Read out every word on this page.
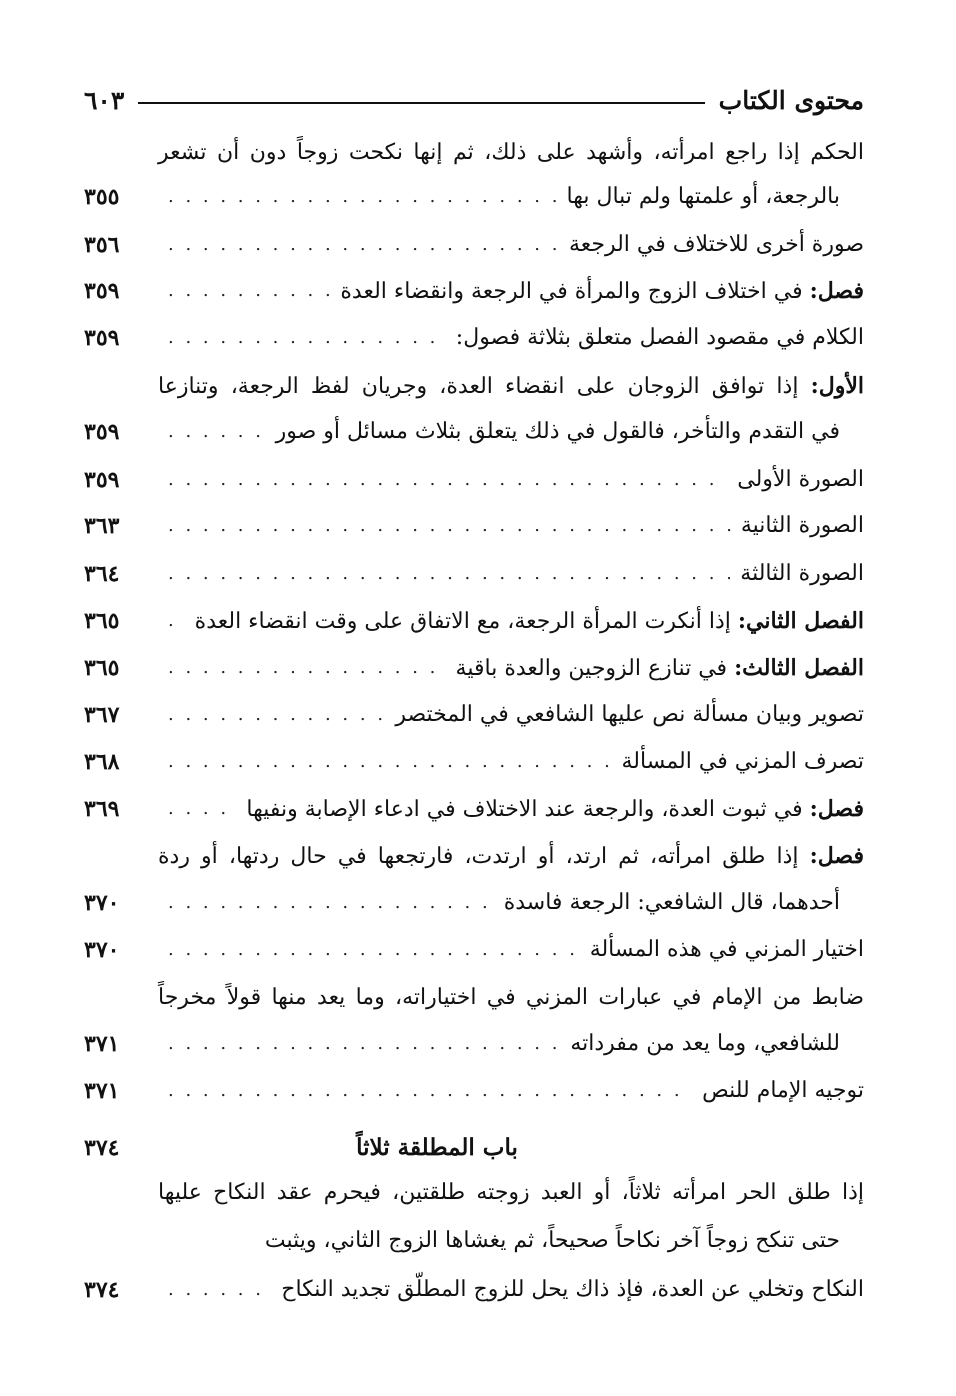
محتوى الكتاب
٦٠٣
الحكم إذا راجع امرأته، وأشهد على ذلك، ثم إنها نكحت زوجاً دون أن تشعر
بالرجعة، أو علمتها ولم تبال بها
. . .
٣٥٥
صورة أخرى للاختلاف في الرجعة
. . .
٣٥٦
فصل: في اختلاف الزوج والمرأة في الرجعة وانقضاء العدة
. . .
٣٥٩
الكلام في مقصود الفصل متعلق بثلاثة فصول:
. . .
٣٥٩
الأول: إذا توافق الزوجان على انقضاء العدة، وجريان لفظ الرجعة، وتنازعا
في التقدم والتأخر، فالقول في ذلك يتعلق بثلاث مسائل أو صور
. . .
٣٥٩
الصورة الأولى
. . .
٣٥٩
الصورة الثانية
. . .
٣٦٣
الصورة الثالثة
. . .
٣٦٤
الفصل الثاني: إذا أنكرت المرأة الرجعة، مع الاتفاق على وقت انقضاء العدة
. . .
٣٦٥
الفصل الثالث: في تنازع الزوجين والعدة باقية
. . .
٣٦٥
تصوير وبيان مسألة نص عليها الشافعي في المختصر
. . .
٣٦٧
تصرف المزني في المسألة
. . .
٣٦٨
فصل: في ثبوت العدة، والرجعة عند الاختلاف في ادعاء الإصابة ونفيها
. . .
٣٦٩
فصل: إذا طلق امرأته، ثم ارتد، أو ارتدت، فارتجعها في حال ردتها، أو ردة
أحدهما، قال الشافعي: الرجعة فاسدة
. . .
٣٧٠
اختيار المزني في هذه المسألة
. . .
٣٧٠
ضابط من الإمام في عبارات المزني في اختياراته، وما يعد منها قولاً مخرجاً
للشافعي، وما يعد من مفرداته
. . .
٣٧١
توجيه الإمام للنص
. . .
٣٧١
باب المطلقة ثلاثاً
٣٧٤
إذا طلق الحر امرأته ثلاثاً، أو العبد زوجته طلقتين، فيحرم عقد النكاح عليها
حتى تنكح زوجاً آخر نكاحاً صحيحاً، ثم يغشاها الزوج الثاني، ويثبت
النكاح وتخلي عن العدة، فإذ ذاك يحل للزوج المطلّق تجديد النكاح
. . .
٣٧٤
